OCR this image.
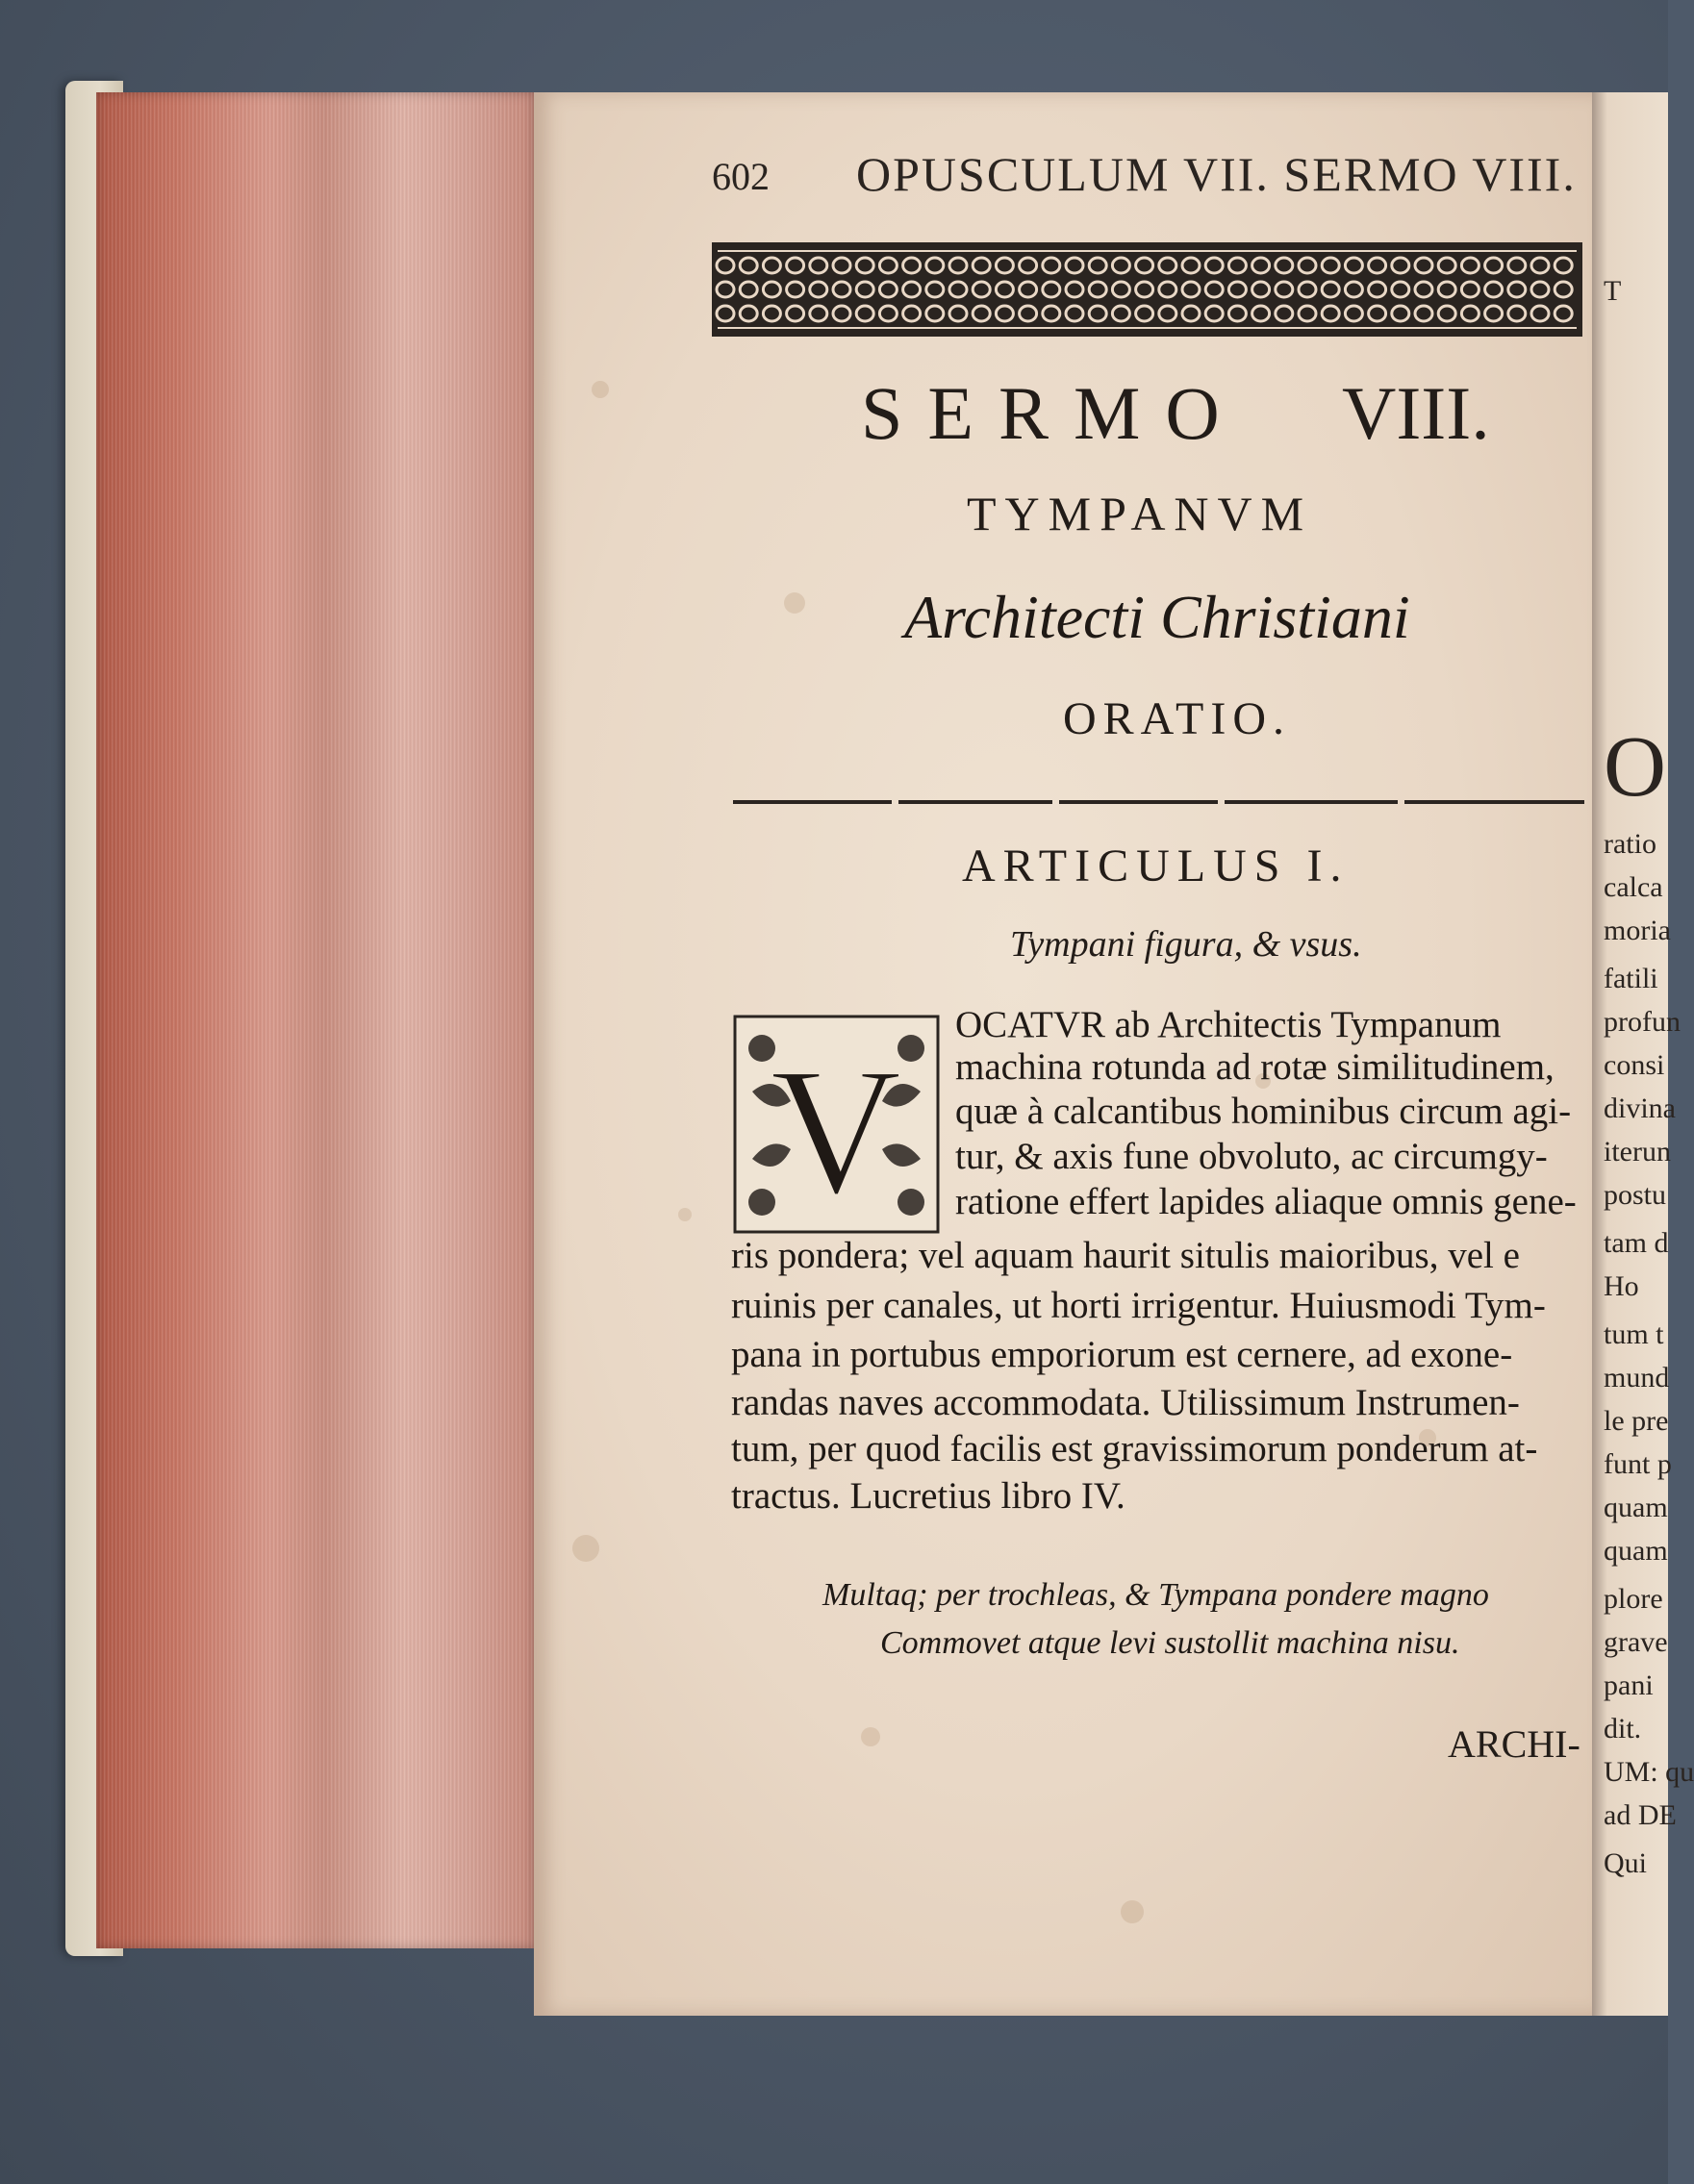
T
O
ratio
calca
moria
fatili
profun
consi
divina
iterun
postu
tam d
Ho
tum t
mund
le pre
funt p
quam
quam
plore
grave
pani
dit.
UM: qu
ad DE
Qui
602 OPUSCULUM VII. SERMO VIII.
SERMO VIII.
TYMPANVM
Architecti Christiani
ORATIO.
ARTICULUS I.
Tympani figura, & vsus.
V
OCATVR ab Architectis Tympanum
machina rotunda ad rotæ similitudinem,
quæ à calcantibus hominibus circum agi-
tur, & axis fune obvoluto, ac circumgy-
ratione effert lapides aliaque omnis gene-
ris pondera; vel aquam haurit situlis maioribus, vel e
ruinis per canales, ut horti irrigentur. Huiusmodi Tym-
pana in portubus emporiorum est cernere, ad exone-
randas naves accommodata. Utilissimum Instrumen-
tum, per quod facilis est gravissimorum ponderum at-
tractus. Lucretius libro IV.
Multaq; per trochleas, & Tympana pondere magno
Commovet atque levi sustollit machina nisu.
ARCHI-
